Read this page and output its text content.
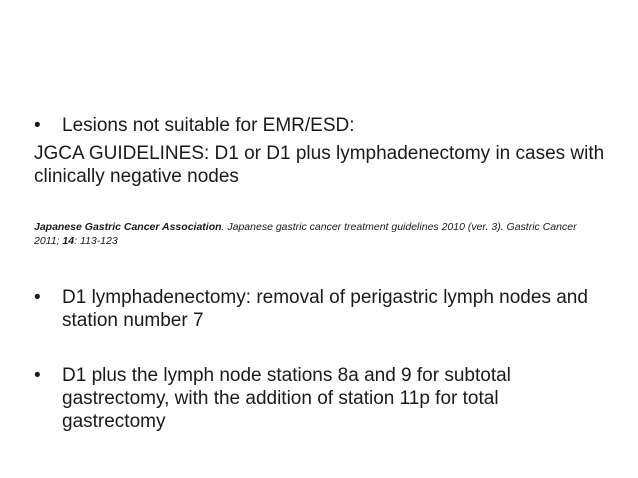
•	Lesions not suitable for EMR/ESD:
JGCA GUIDELINES: D1 or D1 plus lymphadenectomy in cases with clinically negative nodes
Japanese Gastric Cancer Association. Japanese gastric cancer treatment guidelines 2010 (ver. 3). Gastric Cancer 2011; 14: 113-123
•	D1 lymphadenectomy: removal of perigastric lymph nodes and station number 7
•	D1 plus the lymph node stations 8a and 9 for subtotal gastrectomy, with the addition of station 11p for total gastrectomy
